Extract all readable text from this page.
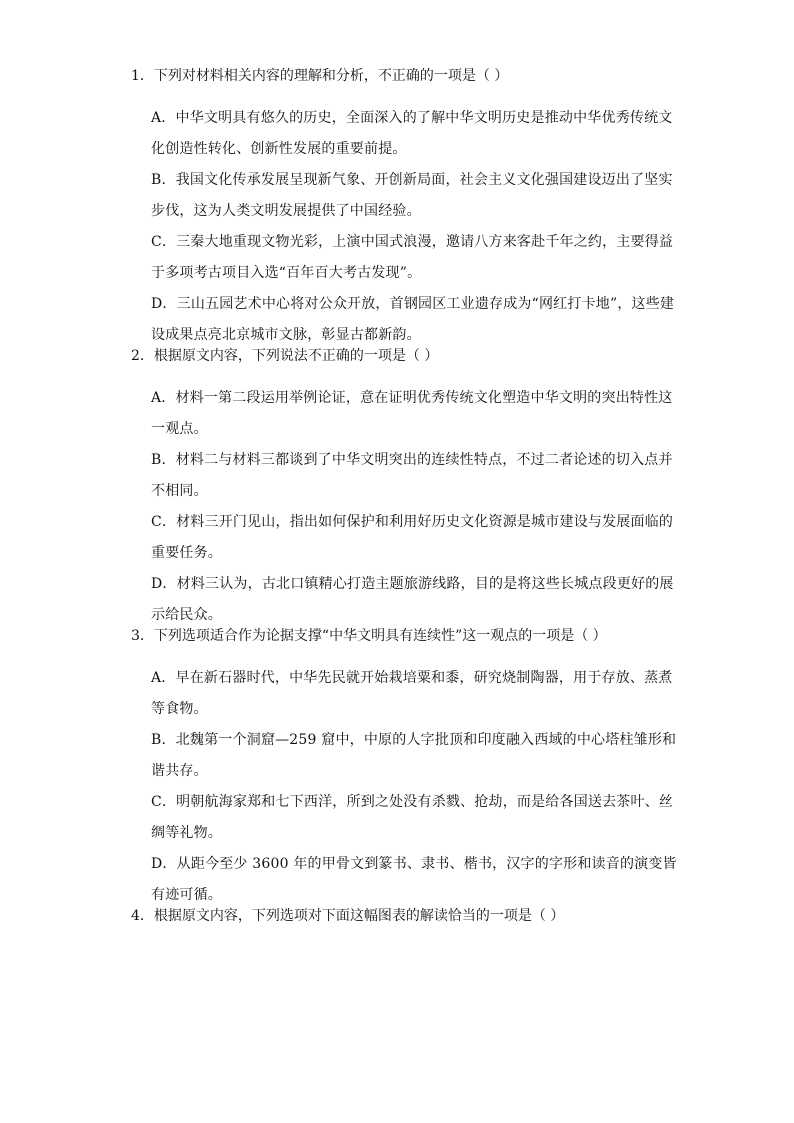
1．下列对材料相关内容的理解和分析，不正确的一项是（ ）
A．中华文明具有悠久的历史，全面深入的了解中华文明历史是推动中华优秀传统文
化创造性转化、创新性发展的重要前提。
B．我国文化传承发展呈现新气象、开创新局面，社会主义文化强国建设迈出了坚实
步伐，这为人类文明发展提供了中国经验。
C．三秦大地重现文物光彩，上演中国式浪漫，邀请八方来客赴千年之约，主要得益
于多项考古项目入选“百年百大考古发现”。
D．三山五园艺术中心将对公众开放，首钢园区工业遗存成为“网红打卡地”，这些建
设成果点亮北京城市文脉，彰显古都新韵。
2．根据原文内容，下列说法不正确的一项是（ ）
A．材料一第二段运用举例论证，意在证明优秀传统文化塑造中华文明的突出特性这
一观点。
B．材料二与材料三都谈到了中华文明突出的连续性特点，不过二者论述的切入点并
不相同。
C．材料三开门见山，指出如何保护和利用好历史文化资源是城市建设与发展面临的
重要任务。
D．材料三认为，古北口镇精心打造主题旅游线路，目的是将这些长城点段更好的展
示给民众。
3．下列选项适合作为论据支撑“中华文明具有连续性”这一观点的一项是（ ）
A．早在新石器时代，中华先民就开始栽培粟和黍，研究烧制陶器，用于存放、蒸煮
等食物。
B．北魏第一个洞窟—259 窟中，中原的人字批顶和印度融入西域的中心塔柱雏形和
谐共存。
C．明朝航海家郑和七下西洋，所到之处没有杀戮、抢劫，而是给各国送去茶叶、丝
绸等礼物。
D．从距今至少 3600 年的甲骨文到篆书、隶书、楷书，汉字的字形和读音的演变皆
有迹可循。
4．根据原文内容，下列选项对下面这幅图表的解读恰当的一项是（ ）
